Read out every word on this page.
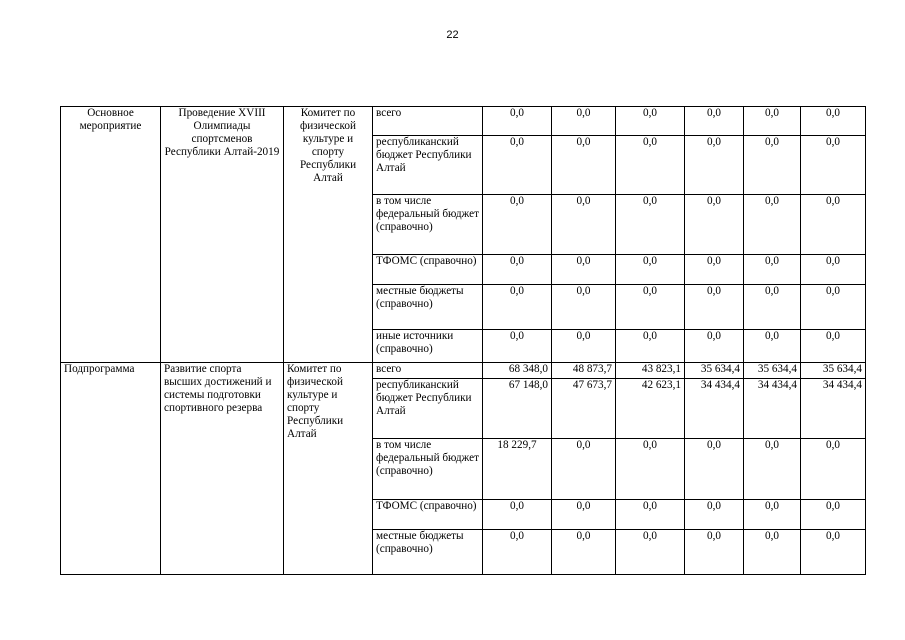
22
Основное мероприятие	Проведение XVIII Олимпиады спортсменов Республики Алтай-2019	Комитет по физической культуре и спорту Республики Алтай	всего	0,0	0,0	0,0	0,0	0,0	0,0
			республиканский бюджет Республики Алтай	0,0	0,0	0,0	0,0	0,0	0,0
			в том числе федеральный бюджет (справочно)	0,0	0,0	0,0	0,0	0,0	0,0
			ТФОМС (справочно)	0,0	0,0	0,0	0,0	0,0	0,0
			местные бюджеты (справочно)	0,0	0,0	0,0	0,0	0,0	0,0
			иные источники (справочно)	0,0	0,0	0,0	0,0	0,0	0,0
Подпрограмма	Развитие спорта высших достижений и системы подготовки спортивного резерва	Комитет по физической культуре и спорту Республики Алтай	всего	68 348,0	48 873,7	43 823,1	35 634,4	35 634,4	35 634,4
			республиканский бюджет Республики Алтай	67 148,0	47 673,7	42 623,1	34 434,4	34 434,4	34 434,4
			в том числе федеральный бюджет (справочно)	18 229,7	0,0	0,0	0,0	0,0	0,0
			ТФОМС (справочно)	0,0	0,0	0,0	0,0	0,0	0,0
			местные бюджеты (справочно)	0,0	0,0	0,0	0,0	0,0	0,0
